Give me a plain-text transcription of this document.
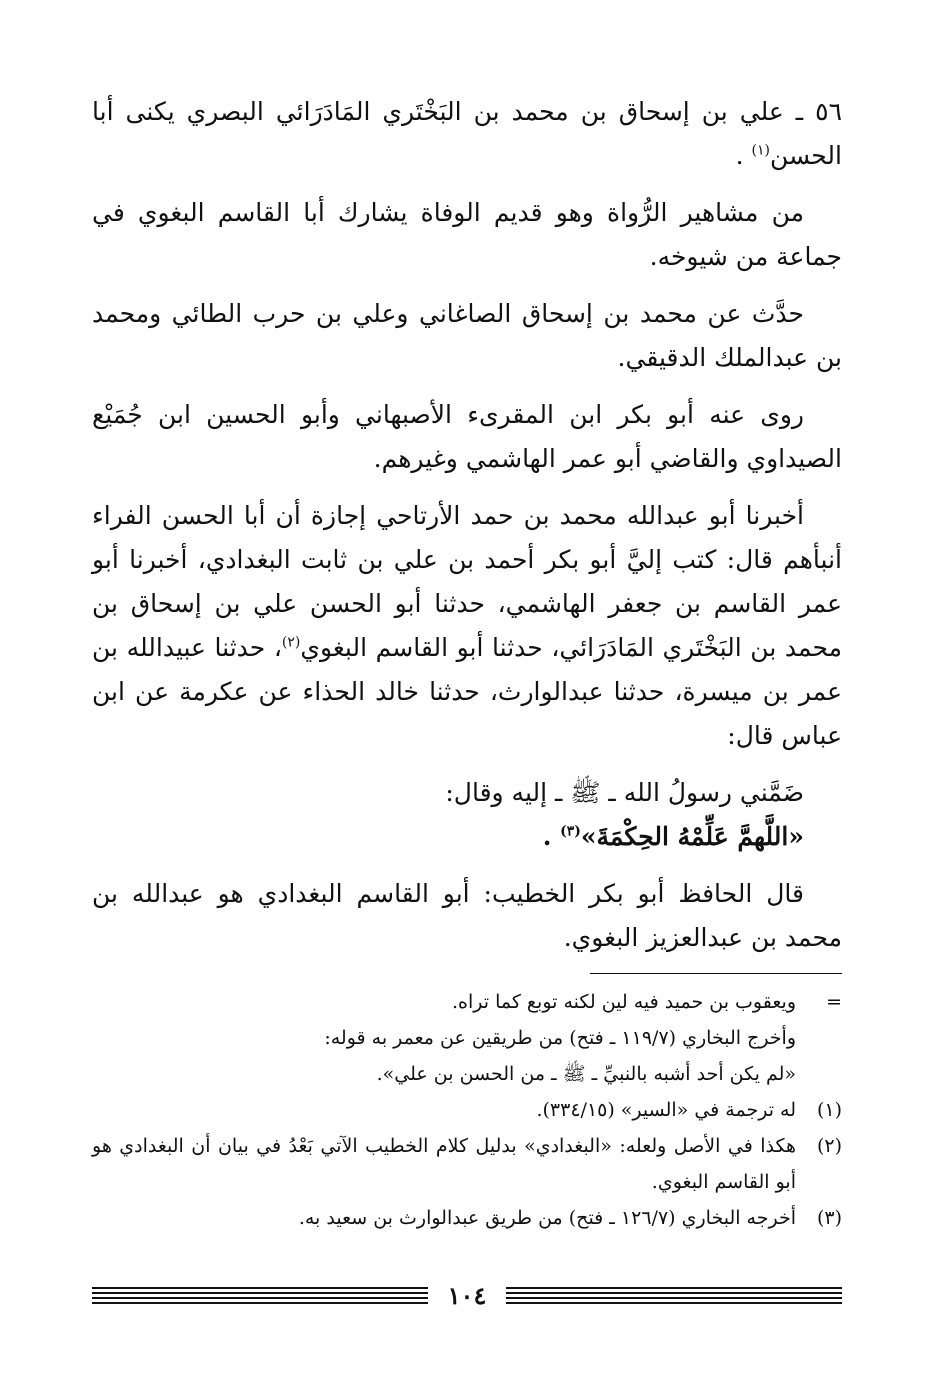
٥٦ ـ علي بن إسحاق بن محمد بن البَخْتَري المَادَرَائي البصري يكنى أبا الحسن$^{(١)}$ .

من مشاهير الرُّواة وهو قديم الوفاة يشارك أبا القاسم البغوي في جماعة من شيوخه.

حدَّث عن محمد بن إسحاق الصاغاني وعلي بن حرب الطائي ومحمد بن عبدالملك الدقيقي.

روى عنه أبو بكر ابن المقرىء الأصبهاني وأبو الحسين ابن جُمَيْع الصيداوي والقاضي أبو عمر الهاشمي وغيرهم.

أخبرنا أبو عبدالله محمد بن حمد الأرتاحي إجازة أن أبا الحسن الفراء أنبأهم قال: كتب إليَّ أبو بكر أحمد بن علي بن ثابت البغدادي، أخبرنا أبو عمر القاسم بن جعفر الهاشمي، حدثنا أبو الحسن علي بن إسحاق بن محمد بن البَخْتَري المَادَرَائي، حدثنا أبو القاسم البغوي$^{(٢)}$، حدثنا عبيدالله بن عمر بن ميسرة، حدثنا عبدالوارث، حدثنا خالد الحذاء عن عكرمة عن ابن عباس قال:

ضَمَّني رسولُ الله ـ ﷺ ـ إليه وقال:

«اللَّهمَّ عَلِّمْهُ الحِكْمَةَ»$^{(٣)}$ .

قال الحافظ أبو بكر الخطيب: أبو القاسم البغدادي هو عبدالله بن محمد بن عبدالعزيز البغوي.

=
ويعقوب بن حميد فيه لين لكنه توبع كما تراه.
وأخرج البخاري (١١٩/٧ ـ فتح) من طريقين عن معمر به قوله:
«لم يكن أحد أشبه بالنبيِّ ـ ﷺ ـ من الحسن بن علي».
(١)
له ترجمة في «السير» (٣٣٤/١٥).
(٢)
هكذا في الأصل ولعله: «البغدادي» بدليل كلام الخطيب الآتي بَعْدُ في بيان أن البغدادي هو أبو القاسم البغوي.
(٣)
أخرجه البخاري (١٢٦/٧ ـ فتح) من طريق عبدالوارث بن سعيد به.
١٠٤
